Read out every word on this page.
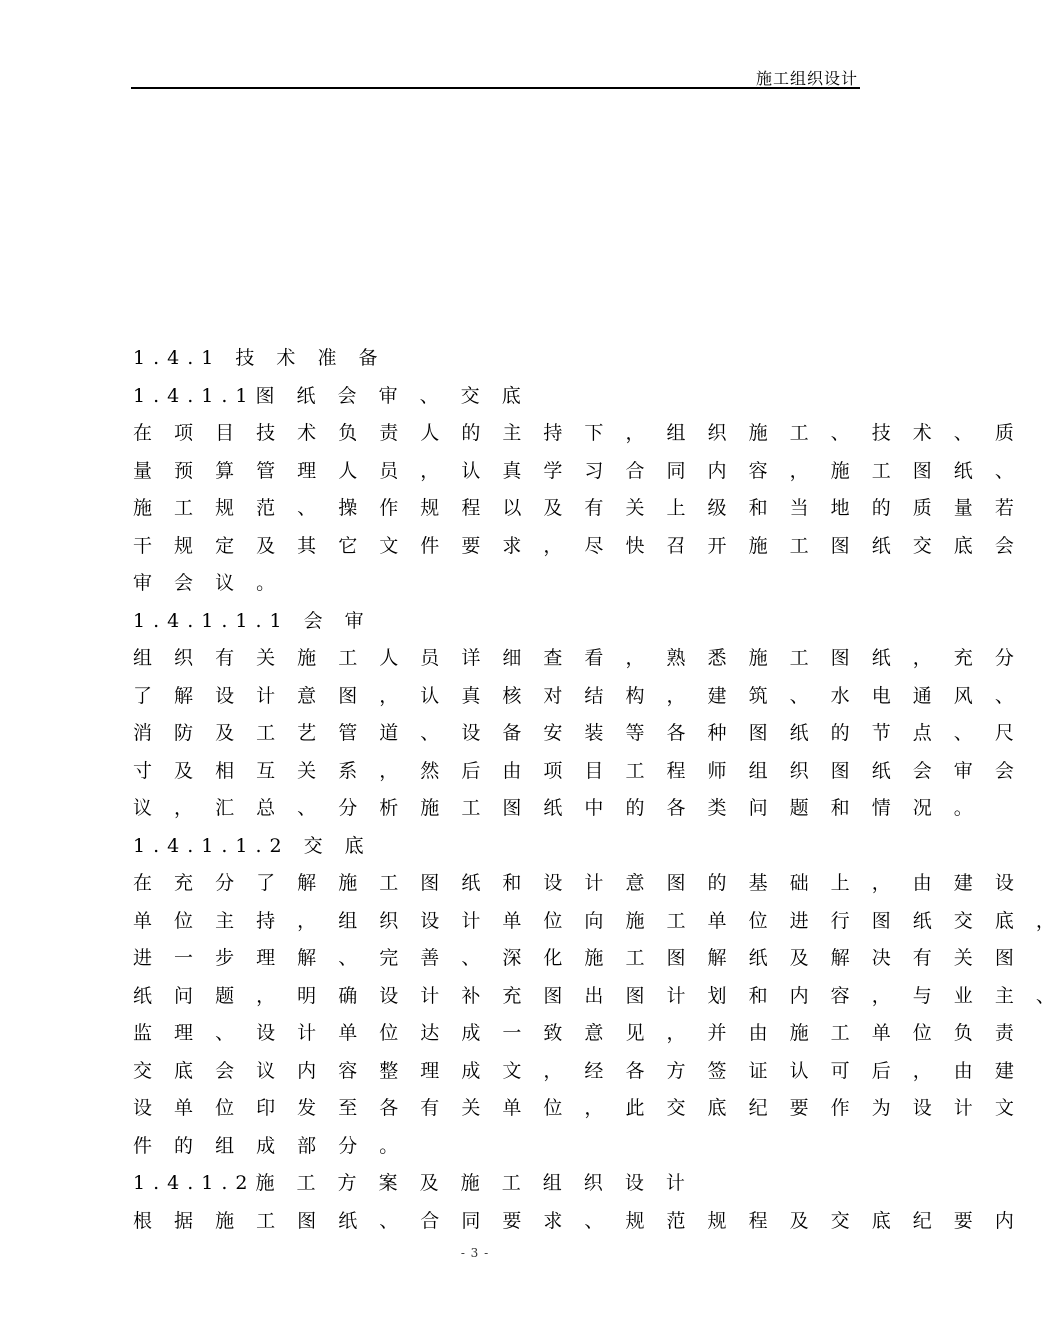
施工组织设计
1.4.1 技 术 准 备
1.4.1.1图 纸 会 审 、 交 底
在 项 目 技 术 负 责 人 的 主 持 下 ， 组 织 施 工 、 技 术 、 质
量 预 算 管 理 人 员 ， 认 真 学 习 合 同 内 容 ， 施 工 图 纸 、
施 工 规 范 、 操 作 规 程 以 及 有 关 上 级 和 当 地 的 质 量 若
干 规 定 及 其 它 文 件 要 求 ， 尽 快 召 开 施 工 图 纸 交 底 会
审 会 议 。
1.4.1.1.1 会 审
组 织 有 关 施 工 人 员 详 细 查 看 ， 熟 悉 施 工 图 纸 ， 充 分
了 解 设 计 意 图 ， 认 真 核 对 结 构 ， 建 筑 、 水 电 通 风 、
消 防 及 工 艺 管 道 、 设 备 安 装 等 各 种 图 纸 的 节 点 、 尺
寸 及 相 互 关 系 ， 然 后 由 项 目 工 程 师 组 织 图 纸 会 审 会
议 ， 汇 总 、 分 析 施 工 图 纸 中 的 各 类 问 题 和 情 况 。
1.4.1.1.2 交 底
在 充 分 了 解 施 工 图 纸 和 设 计 意 图 的 基 础 上 ， 由 建 设
单 位 主 持 ， 组 织 设 计 单 位 向 施 工 单 位 进 行 图 纸 交 底 ，
进 一 步 理 解 、 完 善 、 深 化 施 工 图 解 纸 及 解 决 有 关 图
纸 问 题 ， 明 确 设 计 补 充 图 出 图 计 划 和 内 容 ， 与 业 主 、
监 理 、 设 计 单 位 达 成 一 致 意 见 ， 并 由 施 工 单 位 负 责
交 底 会 议 内 容 整 理 成 文 ， 经 各 方 签 证 认 可 后 ， 由 建
设 单 位 印 发 至 各 有 关 单 位 ， 此 交 底 纪 要 作 为 设 计 文
件 的 组 成 部 分 。
1.4.1.2施 工 方 案 及 施 工 组 织 设 计
根 据 施 工 图 纸 、 合 同 要 求 、 规 范 规 程 及 交 底 纪 要 内
- 3 -
